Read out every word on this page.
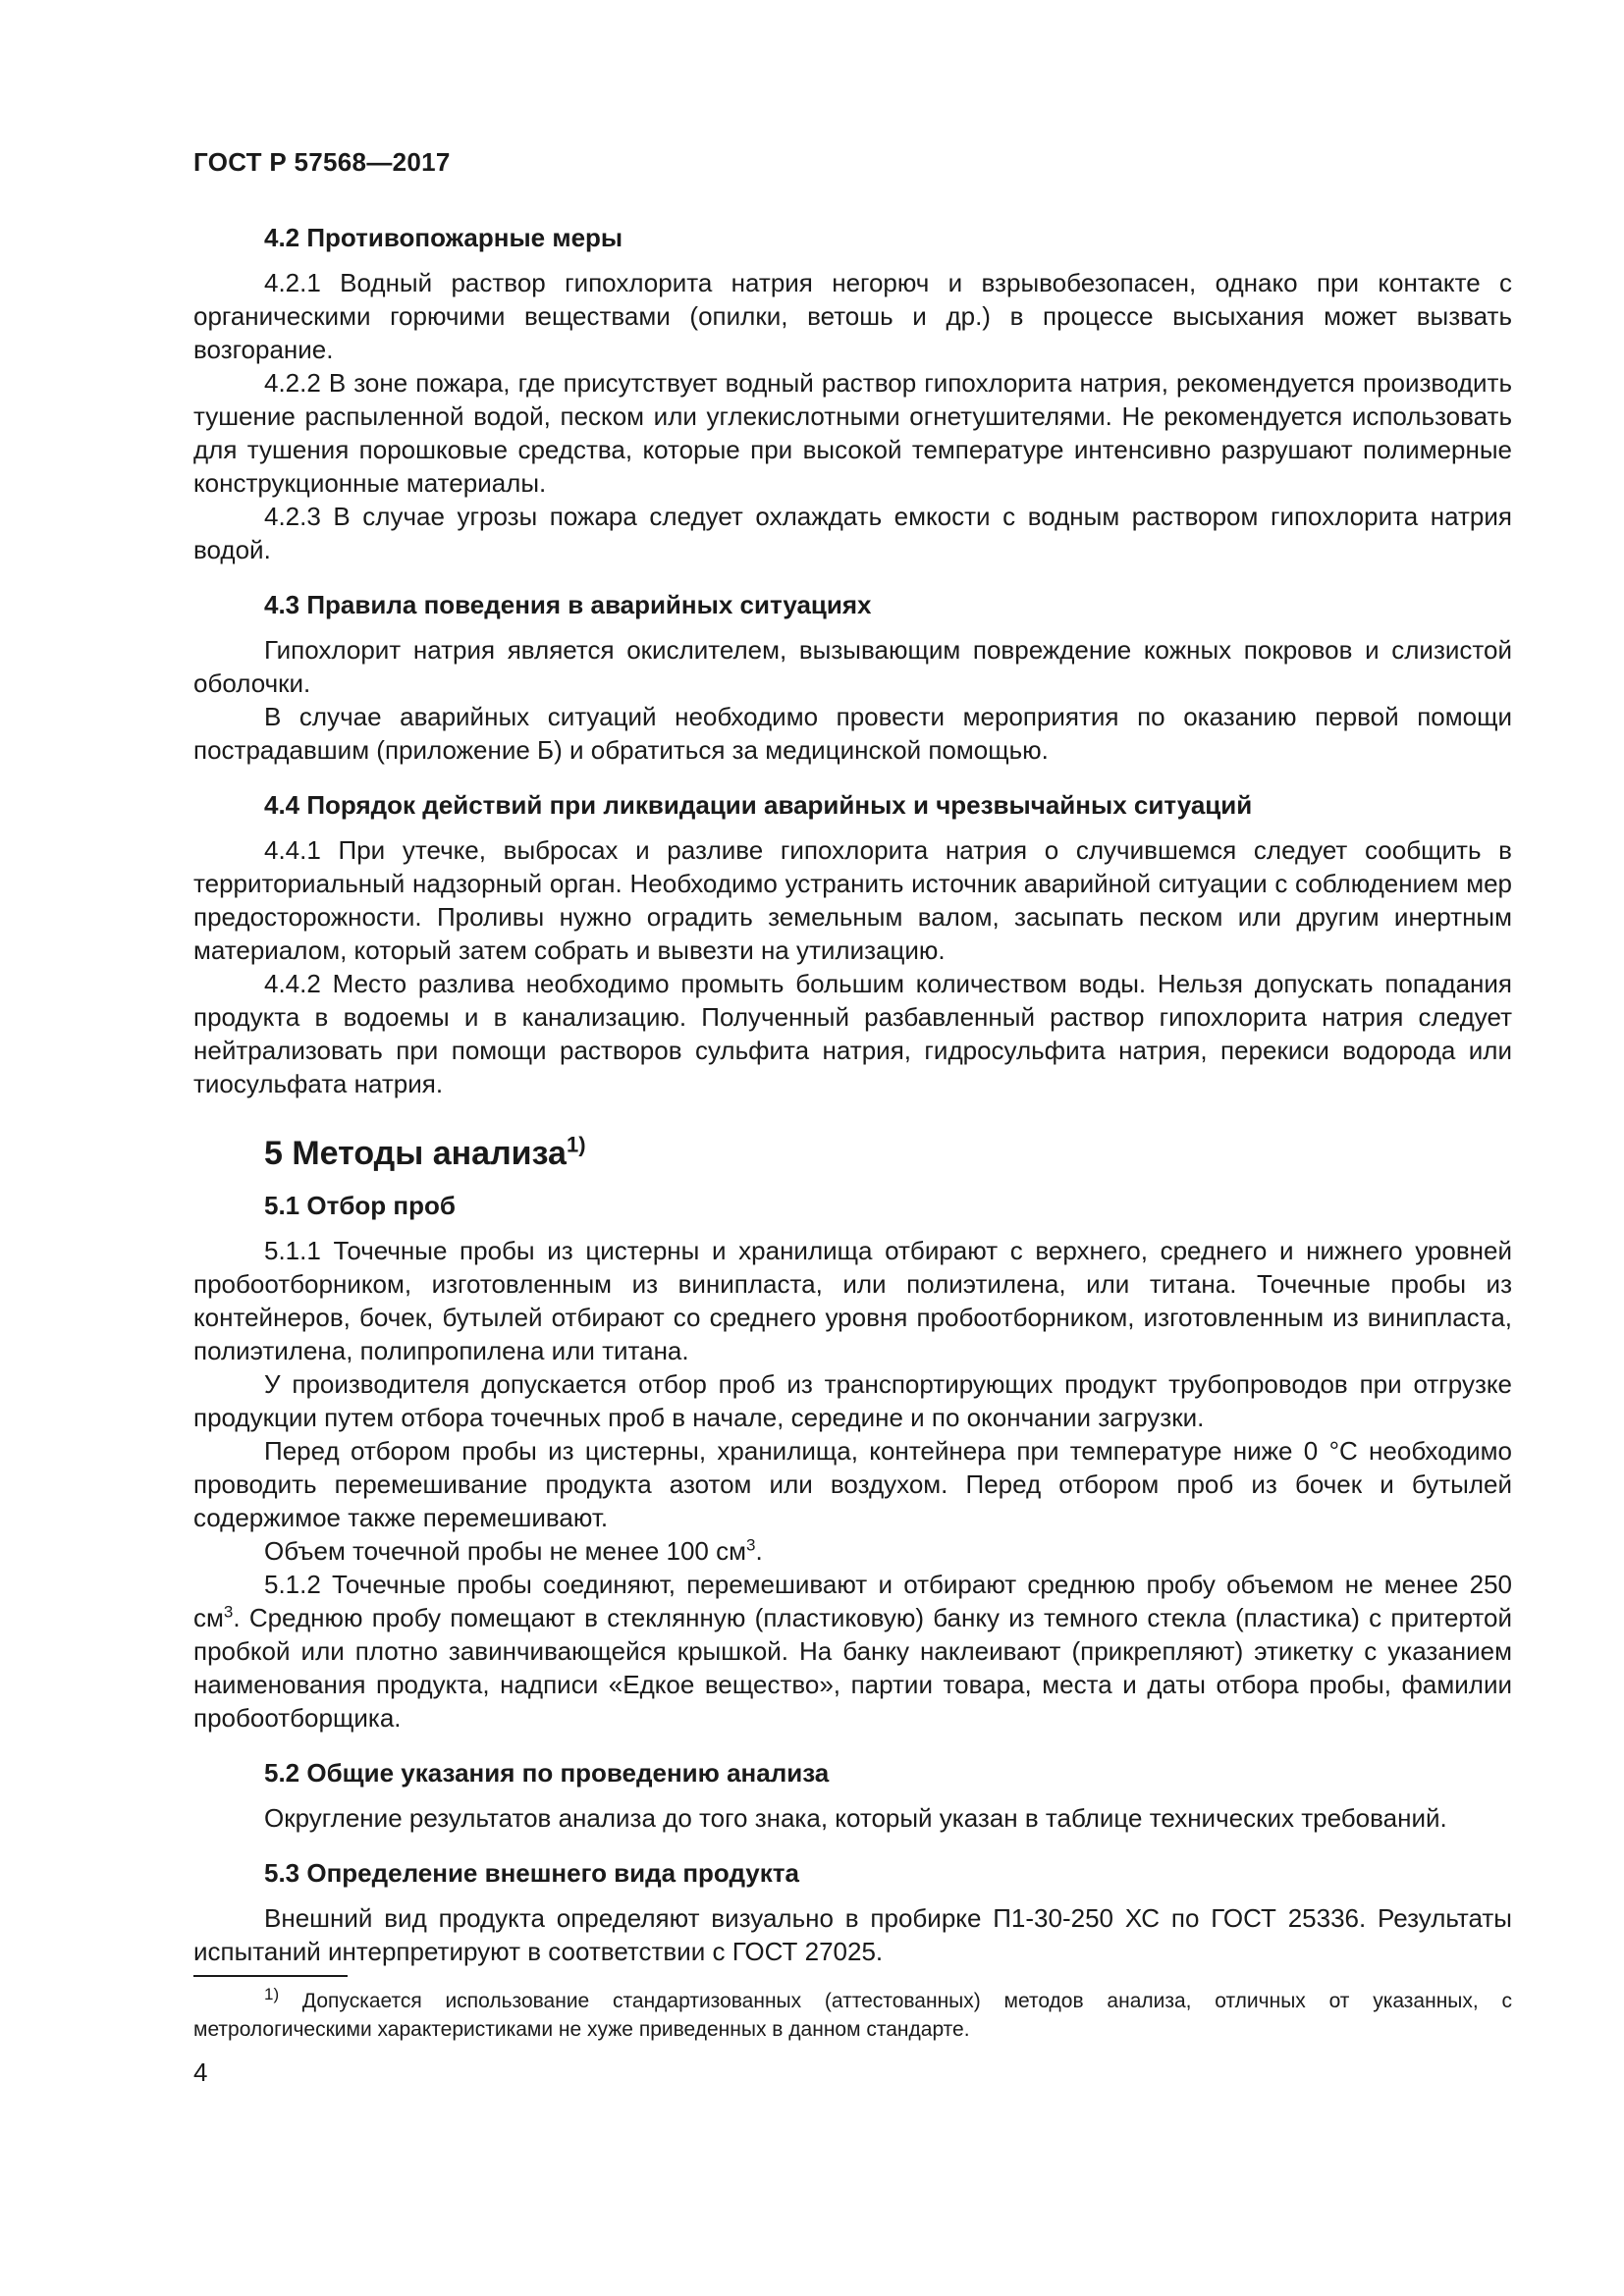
ГОСТ Р 57568—2017
4.2 Противопожарные меры

4.2.1 Водный раствор гипохлорита натрия негорюч и взрывобезопасен, однако при контакте с органическими горючими веществами (опилки, ветошь и др.) в процессе высыхания может вызвать возгорание.

4.2.2 В зоне пожара, где присутствует водный раствор гипохлорита натрия, рекомендуется производить тушение распыленной водой, песком или углекислотными огнетушителями. Не рекомендуется использовать для тушения порошковые средства, которые при высокой температуре интенсивно разрушают полимерные конструкционные материалы.

4.2.3 В случае угрозы пожара следует охлаждать емкости с водным раствором гипохлорита натрия водой.

4.3 Правила поведения в аварийных ситуациях

Гипохлорит натрия является окислителем, вызывающим повреждение кожных покровов и слизистой оболочки.

В случае аварийных ситуаций необходимо провести мероприятия по оказанию первой помощи пострадавшим (приложение Б) и обратиться за медицинской помощью.

4.4 Порядок действий при ликвидации аварийных и чрезвычайных ситуаций

4.4.1 При утечке, выбросах и разливе гипохлорита натрия о случившемся следует сообщить в территориальный надзорный орган. Необходимо устранить источник аварийной ситуации с соблюдением мер предосторожности. Проливы нужно оградить земельным валом, засыпать песком или другим инертным материалом, который затем собрать и вывезти на утилизацию.

4.4.2 Место разлива необходимо промыть большим количеством воды. Нельзя допускать попадания продукта в водоемы и в канализацию. Полученный разбавленный раствор гипохлорита натрия следует нейтрализовать при помощи растворов сульфита натрия, гидросульфита натрия, перекиси водорода или тиосульфата натрия.

5 Методы анализа$^{1)}$
5.1 Отбор проб

5.1.1 Точечные пробы из цистерны и хранилища отбирают с верхнего, среднего и нижнего уровней пробоотборником, изготовленным из винипласта, или полиэтилена, или титана. Точечные пробы из контейнеров, бочек, бутылей отбирают со среднего уровня пробоотборником, изготовленным из винипласта, полиэтилена, полипропилена или титана.

У производителя допускается отбор проб из транспортирующих продукт трубопроводов при отгрузке продукции путем отбора точечных проб в начале, середине и по окончании загрузки.

Перед отбором пробы из цистерны, хранилища, контейнера при температуре ниже 0 °С необходимо проводить перемешивание продукта азотом или воздухом. Перед отбором проб из бочек и бутылей содержимое также перемешивают.

Объем точечной пробы не менее 100 $см^3$.

5.1.2 Точечные пробы соединяют, перемешивают и отбирают среднюю пробу объемом не менее 250 $см^3$. Среднюю пробу помещают в стеклянную (пластиковую) банку из темного стекла (пластика) с притертой пробкой или плотно завинчивающейся крышкой. На банку наклеивают (прикрепляют) этикетку с указанием наименования продукта, надписи «Едкое вещество», партии товара, места и даты отбора пробы, фамилии пробоотборщика.

5.2 Общие указания по проведению анализа

Округление результатов анализа до того знака, который указан в таблице технических требований.

5.3 Определение внешнего вида продукта

Внешний вид продукта определяют визуально в пробирке П1-30-250 ХС по ГОСТ 25336. Результаты испытаний интерпретируют в соответствии с ГОСТ 27025.

$^{1)}$ Допускается использование стандартизованных (аттестованных) методов анализа, отличных от указанных, с метрологическими характеристиками не хуже приведенных в данном стандарте.

4
